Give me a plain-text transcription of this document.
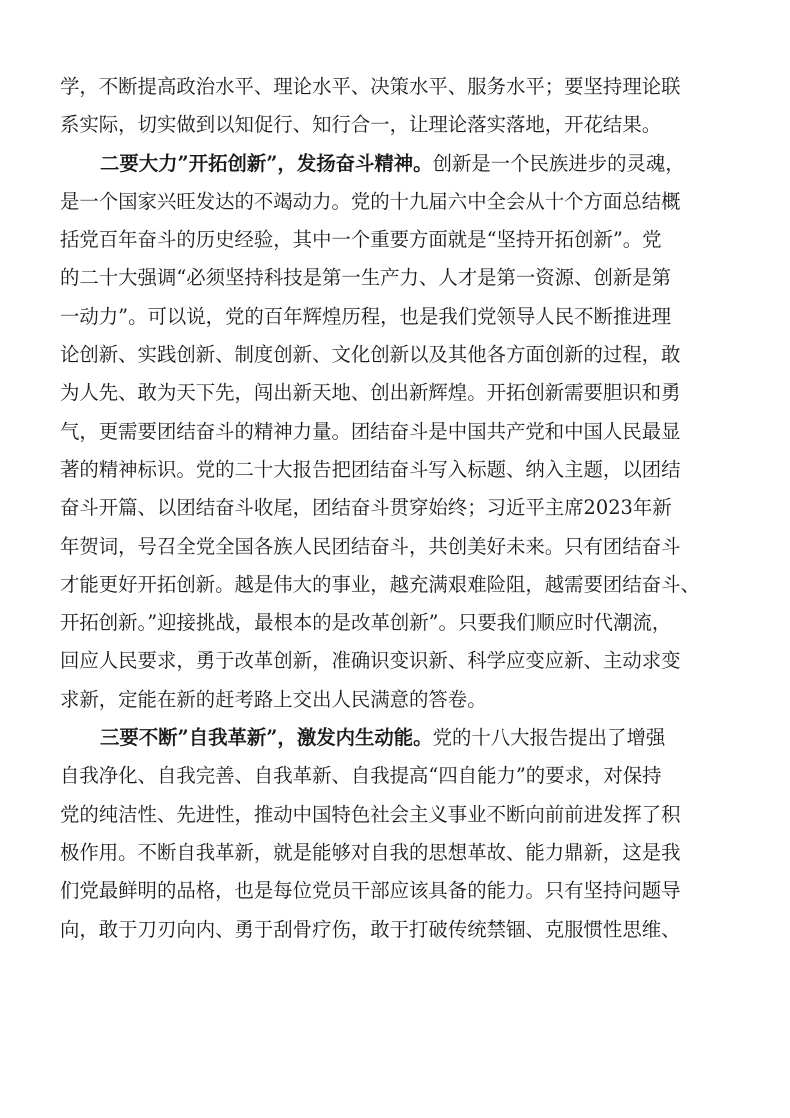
学，不断提高政治水平、理论水平、决策水平、服务水平；要坚持理论联
系实际，切实做到以知促行、知行合一，让理论落实落地，开花结果。
二要大力”开拓创新”，发扬奋斗精神。创新是一个民族进步的灵魂，
是一个国家兴旺发达的不竭动力。党的十九届六中全会从十个方面总结概
括党百年奋斗的历史经验，其中一个重要方面就是“坚持开拓创新”。党
的二十大强调“必须坚持科技是第一生产力、人才是第一资源、创新是第
一动力”。可以说，党的百年辉煌历程，也是我们党领导人民不断推进理
论创新、实践创新、制度创新、文化创新以及其他各方面创新的过程，敢
为人先、敢为天下先，闯出新天地、创出新辉煌。开拓创新需要胆识和勇
气，更需要团结奋斗的精神力量。团结奋斗是中国共产党和中国人民最显
著的精神标识。党的二十大报告把团结奋斗写入标题、纳入主题，以团结
奋斗开篇、以团结奋斗收尾，团结奋斗贯穿始终；习近平主席2023年新
年贺词，号召全党全国各族人民团结奋斗，共创美好未来。只有团结奋斗
才能更好开拓创新。越是伟大的事业，越充满艰难险阻，越需要团结奋斗、
开拓创新。”迎接挑战，最根本的是改革创新”。只要我们顺应时代潮流，
回应人民要求，勇于改革创新，准确识变识新、科学应变应新、主动求变
求新，定能在新的赶考路上交出人民满意的答卷。
三要不断”自我革新”，激发内生动能。党的十八大报告提出了增强
自我净化、自我完善、自我革新、自我提高“四自能力”的要求，对保持
党的纯洁性、先进性，推动中国特色社会主义事业不断向前前进发挥了积
极作用。不断自我革新，就是能够对自我的思想革故、能力鼎新，这是我
们党最鲜明的品格，也是每位党员干部应该具备的能力。只有坚持问题导
向，敢于刀刃向内、勇于刮骨疗伤，敢于打破传统禁锢、克服惯性思维、
